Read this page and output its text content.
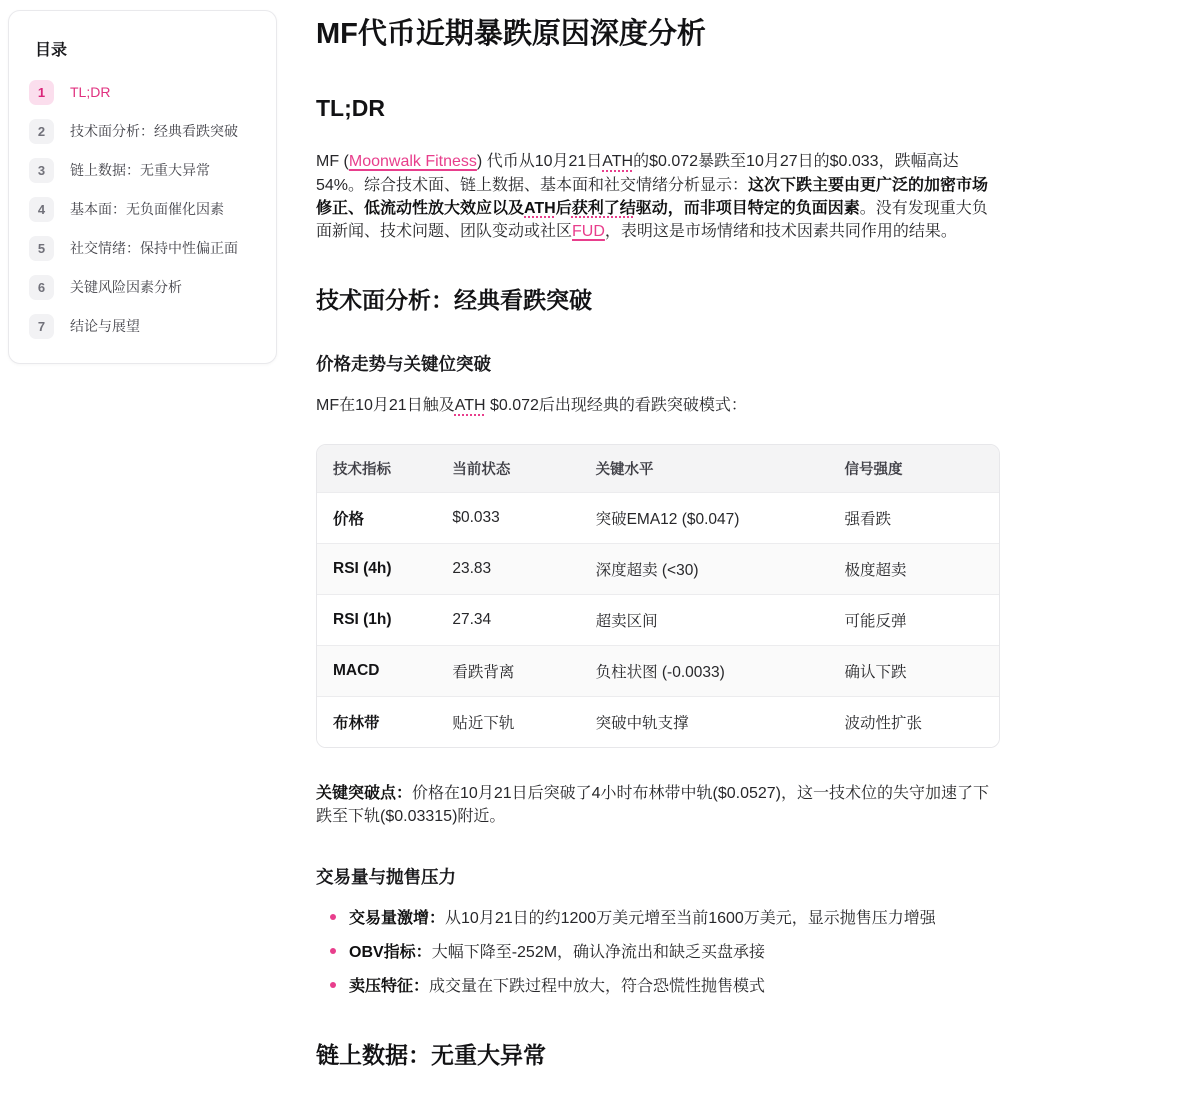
目录
1	TL;DR
2	技术面分析：经典看跌突破
3	链上数据：无重大异常
4	基本面：无负面催化因素
5	社交情绪：保持中性偏正面
6	关键风险因素分析
7	结论与展望
MF代币近期暴跌原因深度分析
TL;DR

MF (Moonwalk Fitness) 代币从10月21日ATH的$0.072暴跌至10月27日的$0.033，跌幅高达54%。综合技术面、链上数据、基本面和社交情绪分析显示：这次下跌主要由更广泛的加密市场修正、低流动性放大效应以及ATH后获利了结驱动，而非项目特定的负面因素。没有发现重大负面新闻、技术问题、团队变动或社区FUD，表明这是市场情绪和技术因素共同作用的结果。

技术面分析：经典看跌突破
价格走势与关键位突破

MF在10月21日触及ATH $0.072后出现经典的看跌突破模式：

技术指标	当前状态	关键水平	信号强度
价格	$0.033	突破EMA12 ($0.047)	强看跌
RSI (4h)	23.83	深度超卖 (<30)	极度超卖
RSI (1h)	27.34	超卖区间	可能反弹
MACD	看跌背离	负柱状图 (-0.0033)	确认下跌
布林带	贴近下轨	突破中轨支撑	波动性扩张

关键突破点：价格在10月21日后突破了4小时布林带中轨($0.0527)，这一技术位的失守加速了下跌至下轨($0.03315)附近。

交易量与抛售压力
交易量激增：从10月21日的约1200万美元增至当前1600万美元，显示抛售压力增强
OBV指标：大幅下降至-252M，确认净流出和缺乏买盘承接
卖压特征：成交量在下跌过程中放大，符合恐慌性抛售模式
链上数据：无重大异常
